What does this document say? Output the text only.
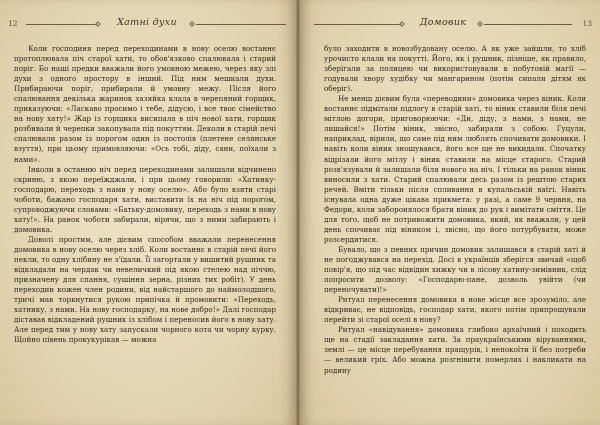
12	Хатні духи

Коли господиня перед переходинами в нову оселю востаннє протоплювала піч старої хати, то обов'язково спалювала і старий поріг. Бо наші предки вважали його умовною межею, через яку злі духи з одного простору в інший. Під ним мешкали духи. Прибираючи поріг, прибирали й умовну межу. Після його спалювання декілька жаринок хазяйка клала в черепяний горщик, приказуючи: «Ласкаво просимо і тебе, дідусю, і все твоє сімейство на нову хату!» Жар із горщика висипала в піч нової хати, горщик розбивали й черепки закопувала під покуттям. Деколи в старій печі спалювали разом із порогом один із постолів (плетене селянське взуття), при цьому примовляючи: «Ось тобі, діду, сани, поїхали з нами».

Інколи в останню ніч перед переходинами залишали відчинено скриню, з якою переїжджали, і при цьому говорили: «Хатинку-господарю, переходь з нами у нову оселю». Або було взяти старі чоботи, бажано господаря хати, виставити їх на ніч під порогом, супроводжуючи словами: «Батьку-домовику, переходь з нами в нову хату!». На ранок чоботи забирали, вірячи, що з ними забирають і домовика.

Доволі простим, але дієвим способом вважали перенесення домовика в нову оселю через хліб. Коли востаннє в старій печі його пекли, то одну хлібину не з'їдали. Її загортали у вишитий рушник та відкладали на чердак чи невеличкий під якою стелею над піччю, призначену для спання, сушіння зерна, різних тих робіт). У день переходин кожен член родини, від найстаршого до наймолодшого, тричі мав торкнутися рукою припічка й промовити: «Переходь, хатнику, з нами. На нову господарку, на нове добро!» Далі господар діставав відкладений рушник із хлібом і переносив його в нову хату. Але перед тим у нову хату запускали чорного кота чи чорну курку. Щойно півень прокукурікав — можна

Домовик	13

було заходити в новозбудовану оселю. А як уже зайшли, то хліб урочисто клали на покутті. Його, як і рушник, пізніше, як правило, зберігали за полицею чи використовували в побутовій магії — годували хвору худібку чи мангарином (потім сипали дітям як оберіг).

Не менш дієвим була «переводини» домовика через віник. Коли востаннє підмітали підлогу в старій хаті, то віник ставили біля печі мітлою догори, приговорюючи: «Ди, діду, з нами, з нами, не лишайся!» Потім віник, звісно, забирали з собою. Гуцули, наприклад, вірили, що саме під ним люблять спочивати домовики. І навіть коли віник зношувався, його все ще не викидали. Спочатку відрізали його мітлу і віник ставили на місце старого. Старий розв'язували й залишали біля нового на ніч. І тільки на ранок віник виносили з хати. Старий спалювали десь разом із рештою старих речей. Вміти тільки після спливання в купальській вatrі. Навіть існувала одна дуже цікава прикмета: у разі, а саме 9 червня, на Федори, коли заборонялося брати віник до рук і вимітати сміття. Це для того, щоб не потривожити домовика, який, як вважали, у цей день спочиває під віником і, звісно, що його потурбувати, може розсердитися.

Бувало, що з певних причин домовик залишався в старій хаті й не погоджувався на перехід. Досі в українців зберігся звичай «щоб повір'я, що під час відвідин хижку чи в лісову хатину-зимівник, слід попросити дозволу: «Господарю-пане, дозволь увійти (чи переночувати)!»

Ритуал перенесення домовика в нове місце все зрозуміло, але відкриває, не відповідь, господар хати, якого потім припрошували перейти зі старої оселі в нову?

Ритуал «навідування» домовика глибоко архаїчний і походить ще на стадії закладання хати. За праукраїнськими віруваннями, землі — це місце перебування пращурів, і непокоїти її без потреби — великий гріх. Або можна розгнівити померлих і накликати на родину
